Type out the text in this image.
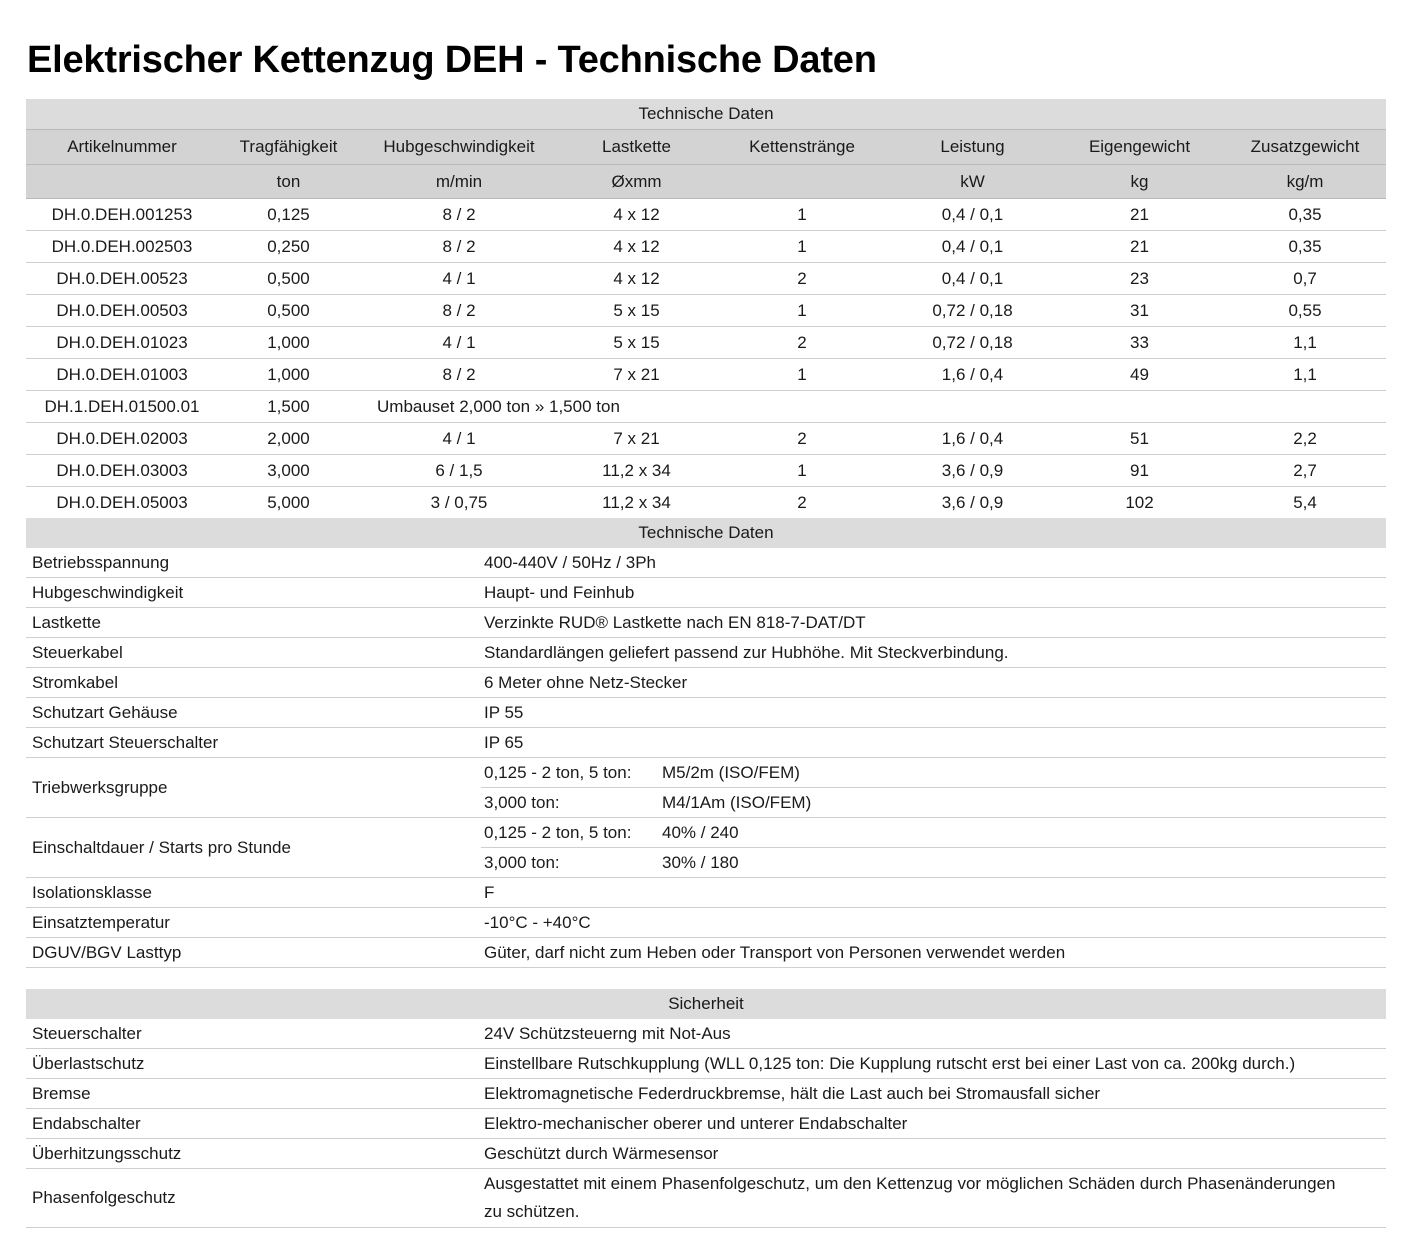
Elektrischer Kettenzug DEH - Technische Daten
Technische Daten							
Artikelnummer	Tragfähigkeit	Hubgeschwindigkeit	Lastkette	Kettenstränge	Leistung	Eigengewicht	Zusatzgewicht
	ton	m/min	Øxmm		kW	kg	kg/m
DH.0.DEH.001253	0,125	8 / 2	4 x 12	1	0,4 / 0,1	21	0,35
DH.0.DEH.002503	0,250	8 / 2	4 x 12	1	0,4 / 0,1	21	0,35
DH.0.DEH.00523	0,500	4 / 1	4 x 12	2	0,4 / 0,1	23	0,7
DH.0.DEH.00503	0,500	8 / 2	5 x 15	1	0,72 / 0,18	31	0,55
DH.0.DEH.01023	1,000	4 / 1	5 x 15	2	0,72 / 0,18	33	1,1
DH.0.DEH.01003	1,000	8 / 2	7 x 21	1	1,6 / 0,4	49	1,1
DH.1.DEH.01500.01	1,500	Umbauset 2,000 ton » 1,500 ton					
DH.0.DEH.02003	2,000	4 / 1	7 x 21	2	1,6 / 0,4	51	2,2
DH.0.DEH.03003	3,000	6 / 1,5	11,2 x 34	1	3,6 / 0,9	91	2,7
DH.0.DEH.05003	5,000	3 / 0,75	11,2 x 34	2	3,6 / 0,9	102	5,4
Technische Daten
Betriebsspannung	400-440V / 50Hz / 3Ph
Hubgeschwindigkeit	Haupt- und Feinhub
Lastkette	Verzinkte RUD® Lastkette nach EN 818-7-DAT/DT
Steuerkabel	Standardlängen geliefert passend zur Hubhöhe. Mit Steckverbindung.
Stromkabel	6 Meter ohne Netz-Stecker
Schutzart Gehäuse	IP 55
Schutzart Steuerschalter	IP 65
Triebwerksgruppe	
0,125 - 2 ton, 5 ton:	M5/2m (ISO/FEM)
3,000 ton:	M4/1Am (ISO/FEM)

Einschaltdauer / Starts pro Stunde	
0,125 - 2 ton, 5 ton:	40% / 240
3,000 ton:	30% / 180

Isolationsklasse	F
Einsatztemperatur	-10°C - +40°C
DGUV/BGV Lasttyp	Güter, darf nicht zum Heben oder Transport von Personen verwendet werden
Sicherheit	
Steuerschalter	24V Schützsteuerng mit Not-Aus
Überlastschutz	Einstellbare Rutschkupplung (WLL 0,125 ton: Die Kupplung rutscht erst bei einer Last von ca. 200kg durch.)
Bremse	Elektromagnetische Federdruckbremse, hält die Last auch bei Stromausfall sicher
Endabschalter	Elektro-mechanischer oberer und unterer Endabschalter
Überhitzungsschutz	Geschützt durch Wärmesensor
Phasenfolgeschutz	Ausgestattet mit einem Phasenfolgeschutz, um den Kettenzug vor möglichen Schäden durch Phasenänderungen
zu schützen.
